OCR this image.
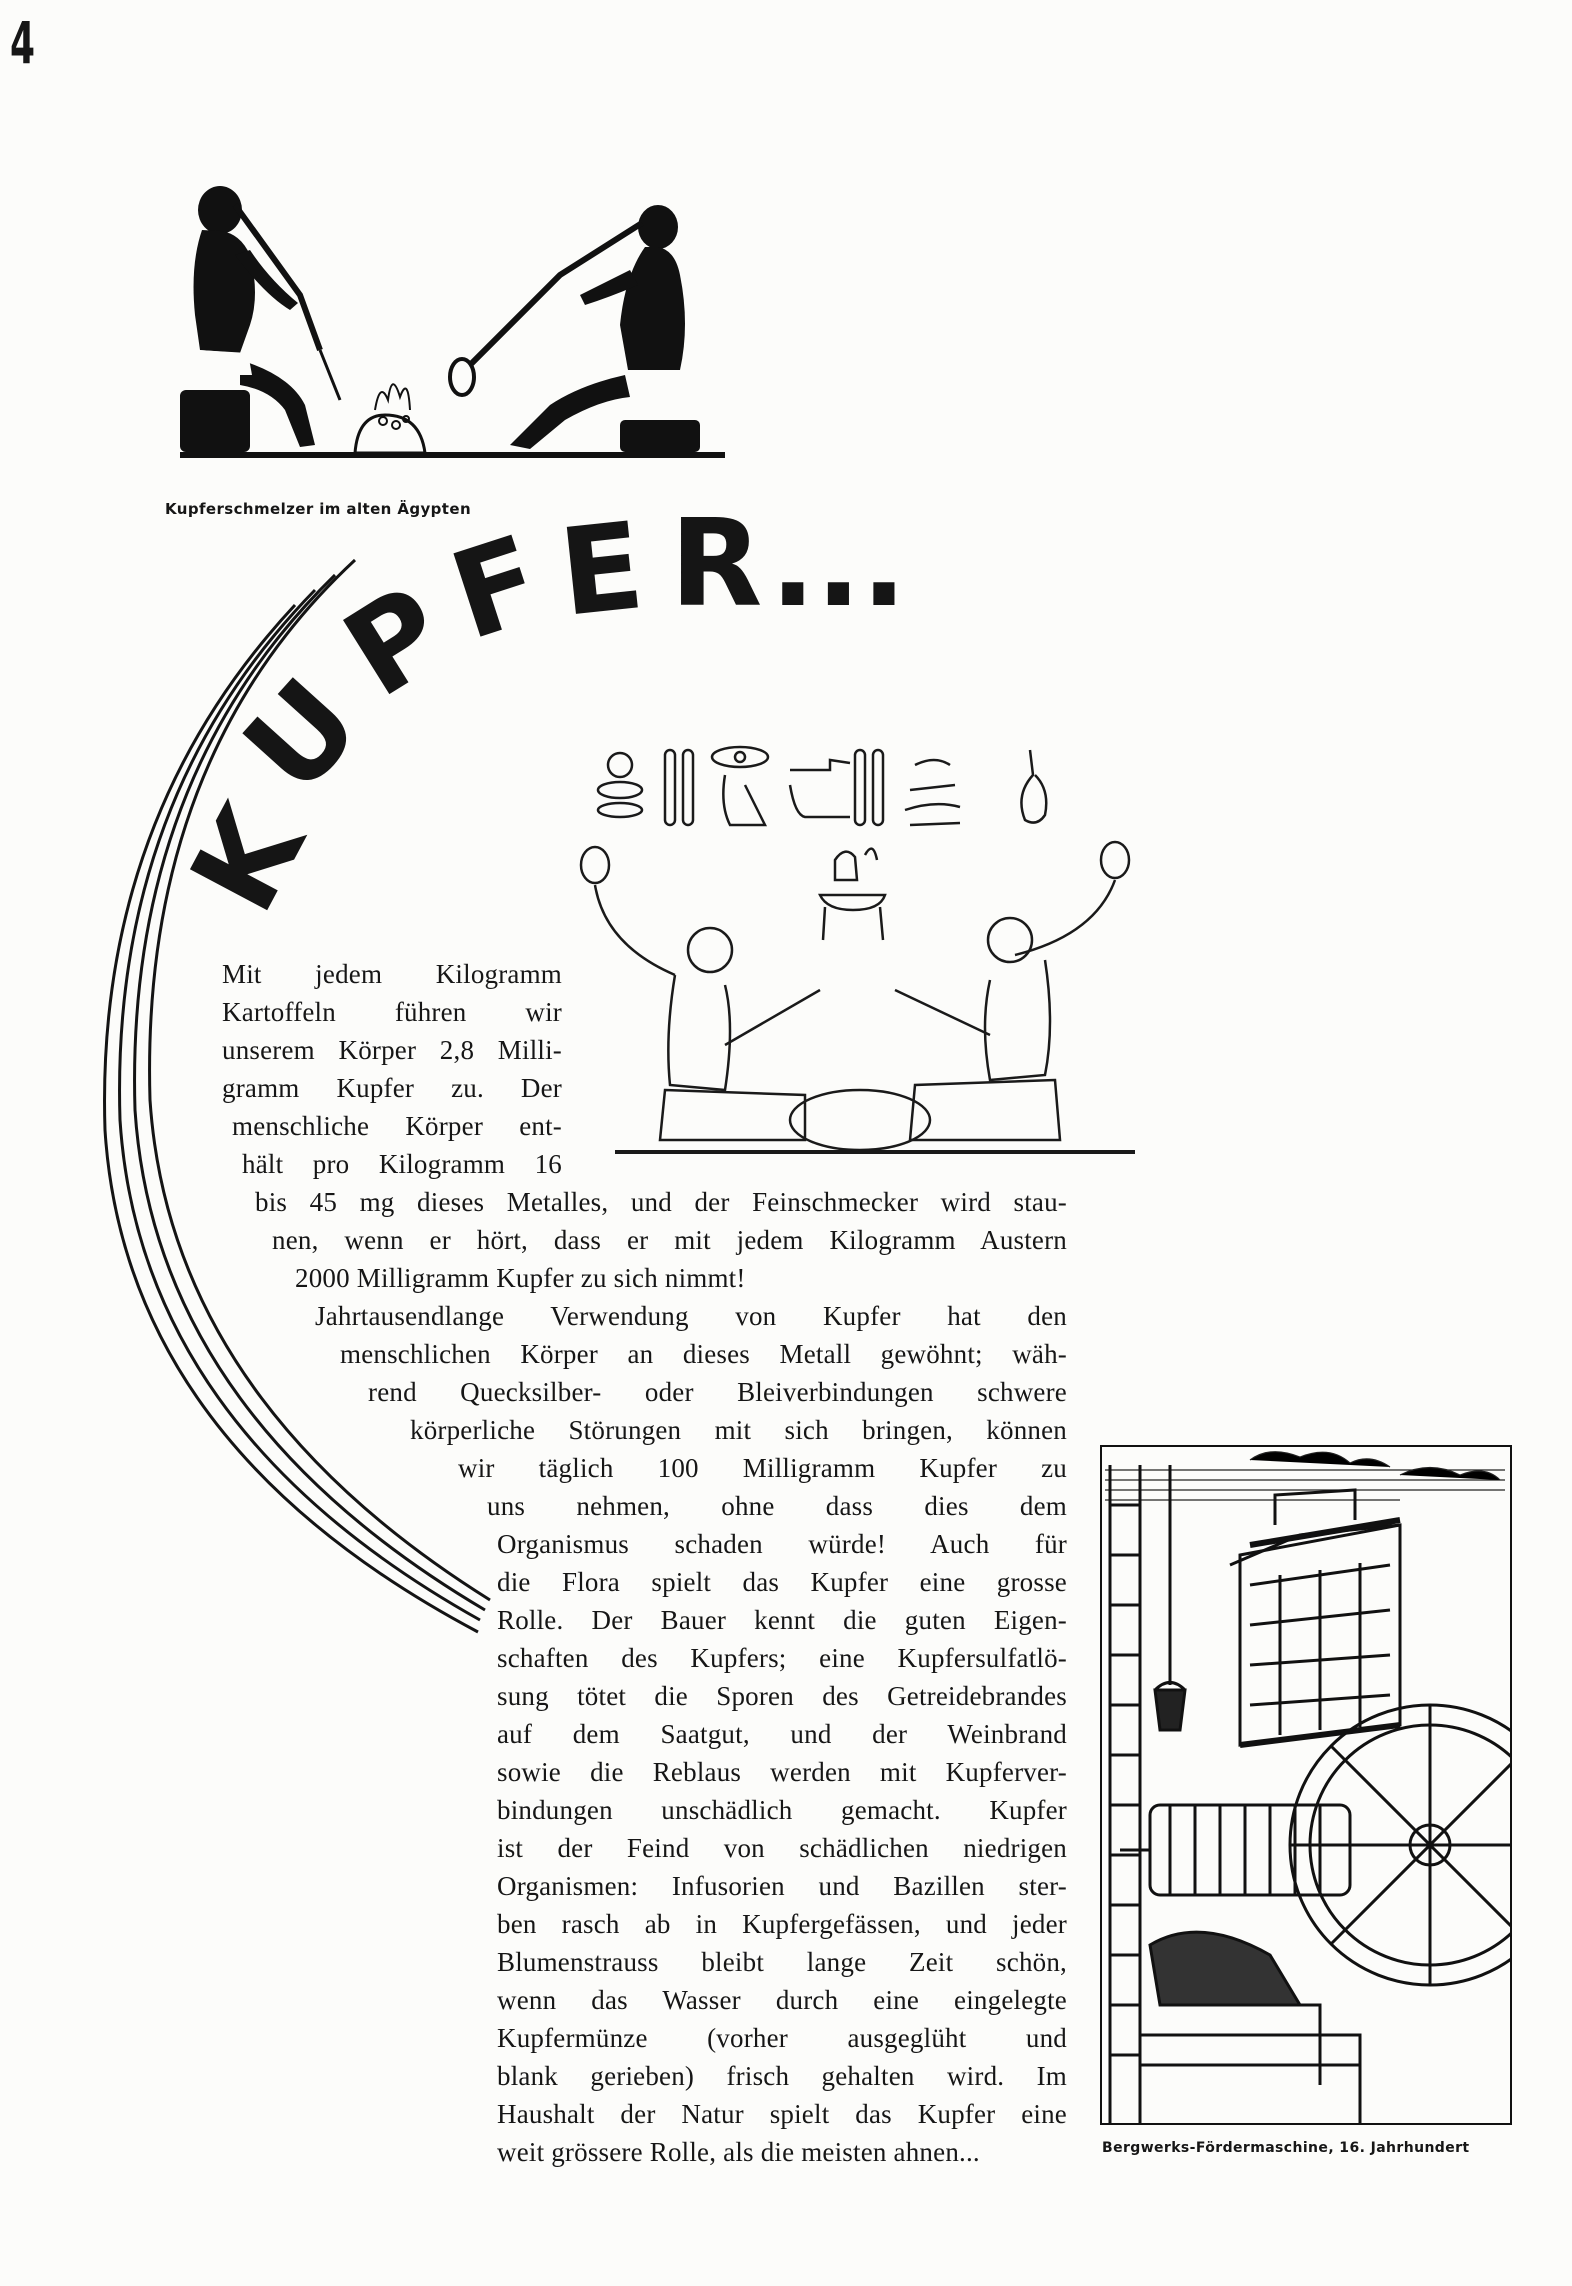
4
Kupferschmelzer im alten Ägypten
K
U
P
F
E R ...
Mit jedem Kilogramm
Kartoffeln führen wir
unserem Körper 2,8 Milli-
gramm Kupfer zu. Der
menschliche Körper ent-
hält pro Kilogramm 16
bis 45 mg dieses Metalles, und der Feinschmecker wird stau-
nen, wenn er hört, dass er mit jedem Kilogramm Austern
2000 Milligramm Kupfer zu sich nimmt!
Jahrtausendlange Verwendung von Kupfer hat den
menschlichen Körper an dieses Metall gewöhnt; wäh-
rend Quecksilber- oder Bleiverbindungen schwere
körperliche Störungen mit sich bringen, können
wir täglich 100 Milligramm Kupfer zu
uns nehmen, ohne dass dies dem
Organismus schaden würde! Auch für
die Flora spielt das Kupfer eine grosse
Rolle. Der Bauer kennt die guten Eigen-
schaften des Kupfers; eine Kupfersulfatlö-
sung tötet die Sporen des Getreidebrandes
auf dem Saatgut, und der Weinbrand
sowie die Reblaus werden mit Kupferver-
bindungen unschädlich gemacht. Kupfer
ist der Feind von schädlichen niedrigen
Organismen: Infusorien und Bazillen ster-
ben rasch ab in Kupfergefässen, und jeder
Blumenstrauss bleibt lange Zeit schön,
wenn das Wasser durch eine eingelegte
Kupfermünze (vorher ausgeglüht und
blank gerieben) frisch gehalten wird. Im
Haushalt der Natur spielt das Kupfer eine
weit grössere Rolle, als die meisten ahnen...	Bergwerks-Fördermaschine, 16. Jahrhundert
